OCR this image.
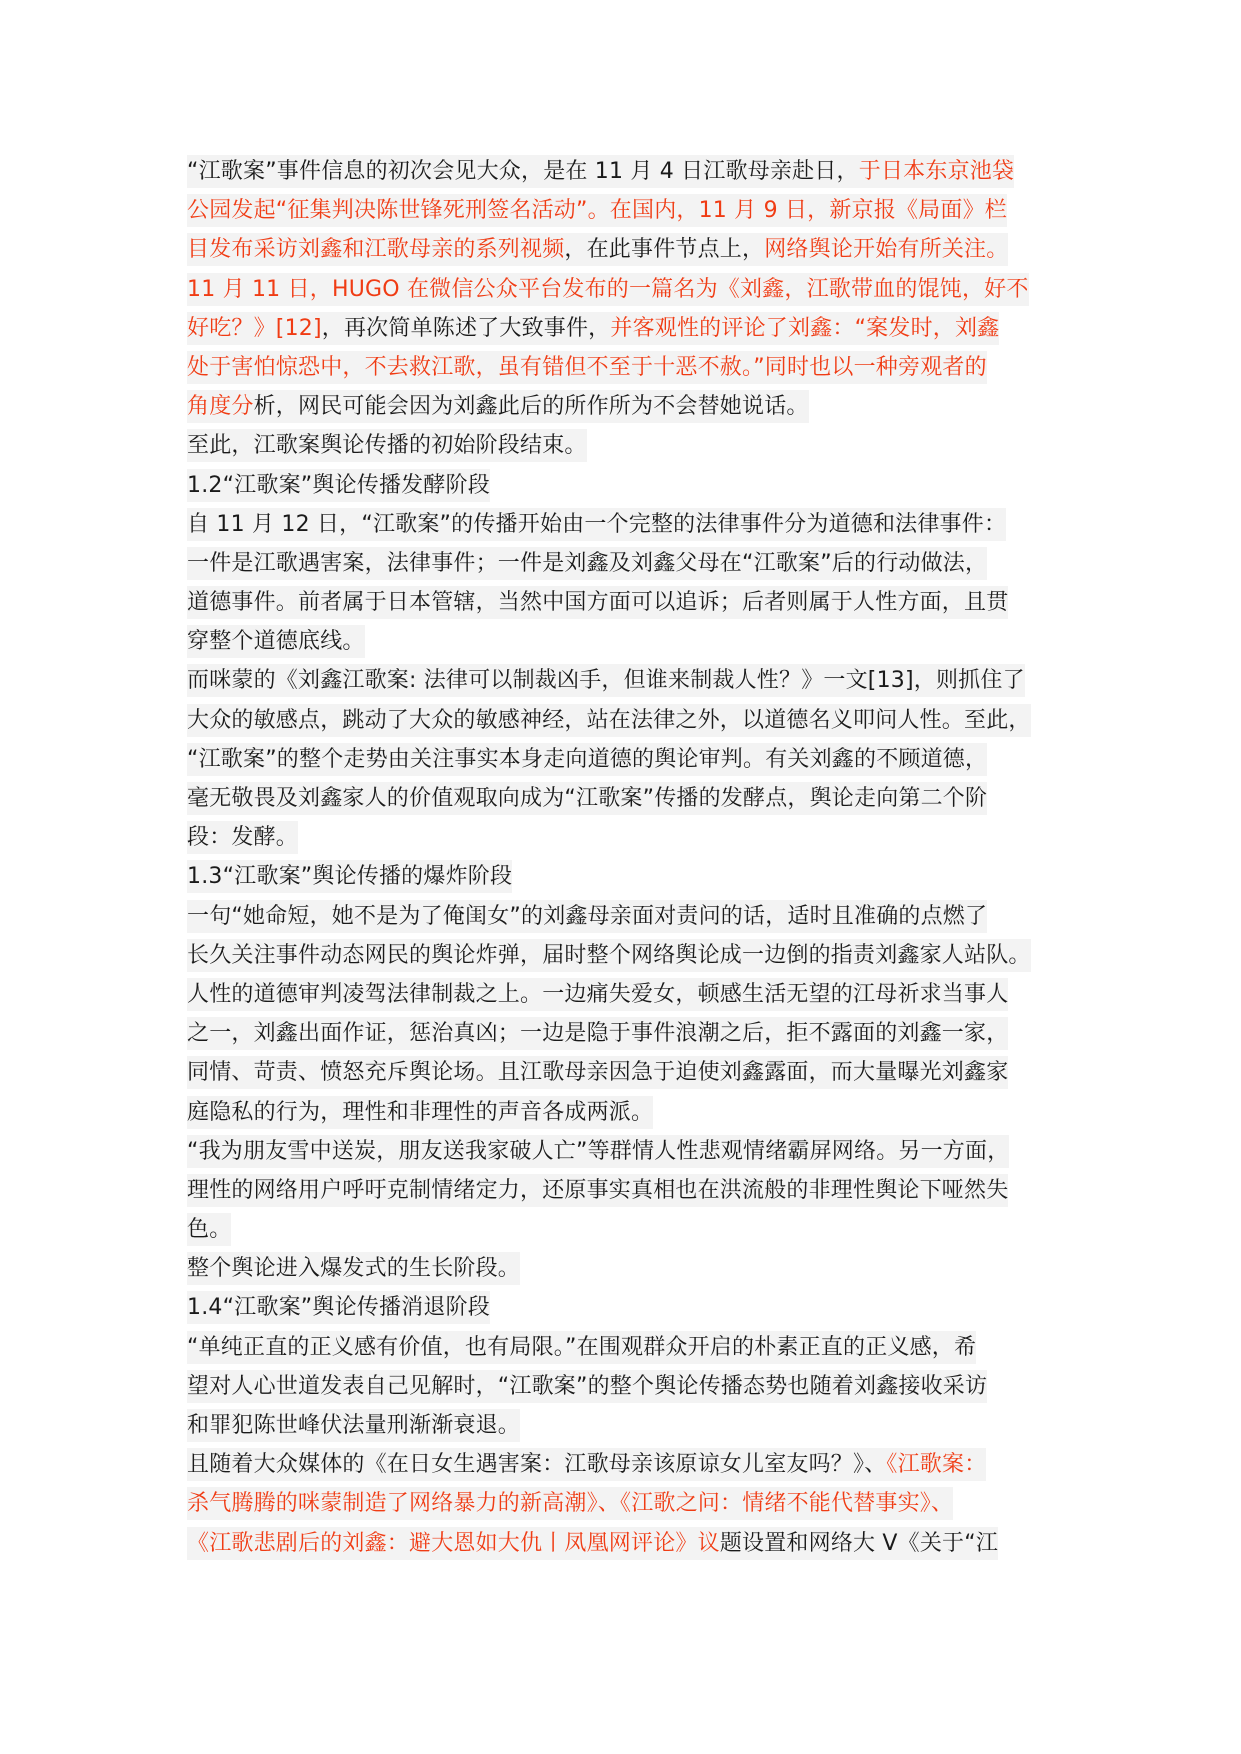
“江歌案”事件信息的初次会见大众，是在 11 月 4 日江歌母亲赴日，于日本东京池袋
公园发起“征集判决陈世锋死刑签名活动”。在国内，11 月 9 日，新京报《局面》栏
目发布采访刘鑫和江歌母亲的系列视频，在此事件节点上，网络舆论开始有所关注。
11 月 11 日，HUGO 在微信公众平台发布的一篇名为《刘鑫，江歌带血的馄饨，好不
好吃？》[12]，再次简单陈述了大致事件，并客观性的评论了刘鑫：“案发时，刘鑫
处于害怕惊恐中，不去救江歌，虽有错但不至于十恶不赦。”同时也以一种旁观者的
角度分析，网民可能会因为刘鑫此后的所作所为不会替她说话。
至此，江歌案舆论传播的初始阶段结束。
1.2“江歌案”舆论传播发酵阶段
自 11 月 12 日，“江歌案”的传播开始由一个完整的法律事件分为道德和法律事件：
一件是江歌遇害案，法律事件；一件是刘鑫及刘鑫父母在“江歌案”后的行动做法，
道德事件。前者属于日本管辖，当然中国方面可以追诉；后者则属于人性方面，且贯
穿整个道德底线。
而咪蒙的《刘鑫江歌案: 法律可以制裁凶手，但谁来制裁人性？》一文[13]，则抓住了
大众的敏感点，跳动了大众的敏感神经，站在法律之外，以道德名义叩问人性。至此，
“江歌案”的整个走势由关注事实本身走向道德的舆论审判。有关刘鑫的不顾道德，
毫无敬畏及刘鑫家人的价值观取向成为“江歌案”传播的发酵点，舆论走向第二个阶
段：发酵。
1.3“江歌案”舆论传播的爆炸阶段
一句“她命短，她不是为了俺闺女”的刘鑫母亲面对责问的话，适时且准确的点燃了
长久关注事件动态网民的舆论炸弹，届时整个网络舆论成一边倒的指责刘鑫家人站队。
人性的道德审判凌驾法律制裁之上。一边痛失爱女，顿感生活无望的江母祈求当事人
之一，刘鑫出面作证，惩治真凶；一边是隐于事件浪潮之后，拒不露面的刘鑫一家，
同情、苛责、愤怒充斥舆论场。且江歌母亲因急于迫使刘鑫露面，而大量曝光刘鑫家
庭隐私的行为，理性和非理性的声音各成两派。
“我为朋友雪中送炭，朋友送我家破人亡”等群情人性悲观情绪霸屏网络。另一方面，
理性的网络用户呼吁克制情绪定力，还原事实真相也在洪流般的非理性舆论下哑然失
色。
整个舆论进入爆发式的生长阶段。
1.4“江歌案”舆论传播消退阶段
“单纯正直的正义感有价值，也有局限。”在围观群众开启的朴素正直的正义感，希
望对人心世道发表自己见解时，“江歌案”的整个舆论传播态势也随着刘鑫接收采访
和罪犯陈世峰伏法量刑渐渐衰退。
且随着大众媒体的《在日女生遇害案：江歌母亲该原谅女儿室友吗？》、《江歌案：
杀气腾腾的咪蒙制造了网络暴力的新高潮》、《江歌之问：情绪不能代替事实》、
《江歌悲剧后的刘鑫：避大恩如大仇丨凤凰网评论》议题设置和网络大 V《关于“江
